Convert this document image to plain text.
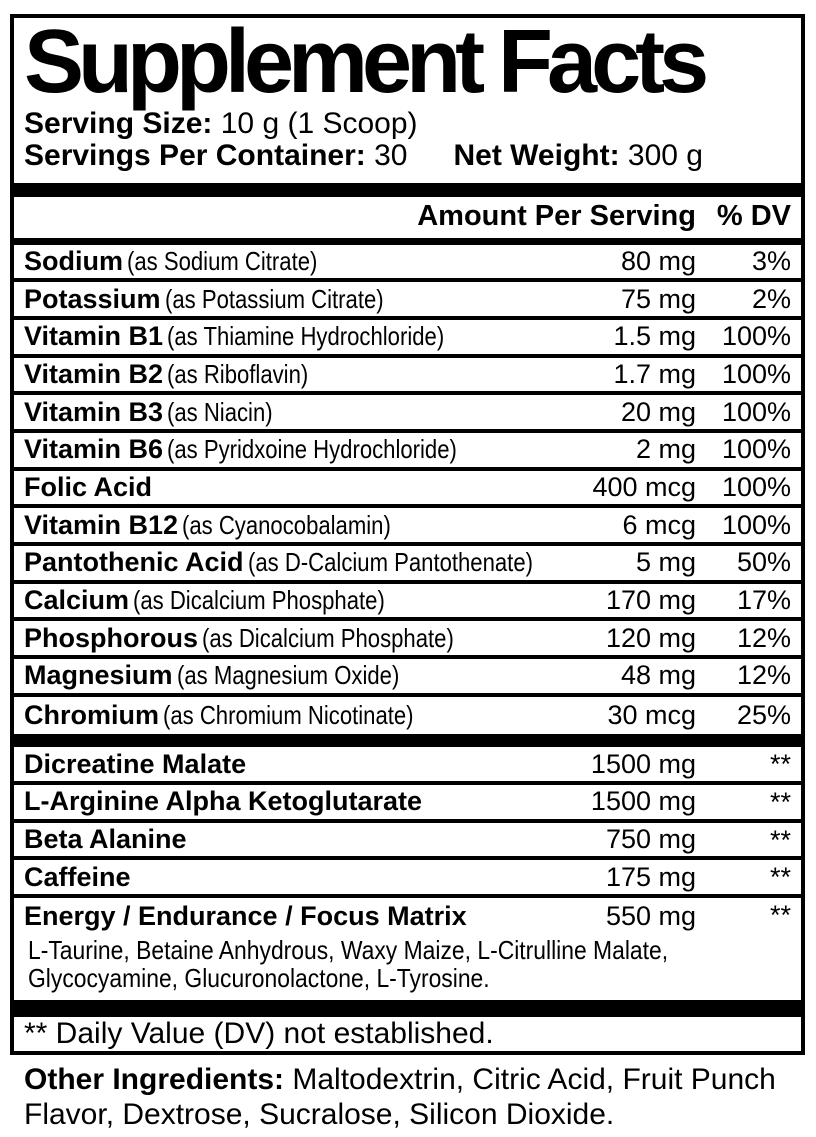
Supplement Facts
Serving Size: 10 g (1 Scoop)
Servings Per Container: 30 Net Weight: 300 g
Amount Per Serving % DV
Sodium (as Sodium Citrate)	80 mg	3%
Potassium (as Potassium Citrate)	75 mg	2%
Vitamin B1 (as Thiamine Hydrochloride)	1.5 mg 100%
Vitamin B2 (as Riboflavin)	1.7 mg 100%
Vitamin B3 (as Niacin)	20 mg 100%
Vitamin B6 (as Pyridxoine Hydrochloride)	2 mg 100%
Folic Acid	400 mcg 100%
Vitamin B12 (as Cyanocobalamin)	6 mcg 100%
Pantothenic Acid (as D-Calcium Pantothenate)	5 mg	50%
Calcium (as Dicalcium Phosphate)	170 mg	17%
Phosphorous (as Dicalcium Phosphate)	120 mg	12%
Magnesium (as Magnesium Oxide)	48 mg	12%
Chromium (as Chromium Nicotinate)	30 mcg	25%
Dicreatine Malate	1500 mg	**
L-Arginine Alpha Ketoglutarate	1500 mg	**
Beta Alanine	750 mg	**
Caffeine	175 mg	**
Energy / Endurance / Focus Matrix	550 mg	**
L-Taurine, Betaine Anhydrous, Waxy Maize, L-Citrulline Malate,
Glycocyamine, Glucuronolactone, L-Tyrosine.
** Daily Value (DV) not established.
Other Ingredients: Maltodextrin, Citric Acid, Fruit Punch
Flavor, Dextrose, Sucralose, Silicon Dioxide.
